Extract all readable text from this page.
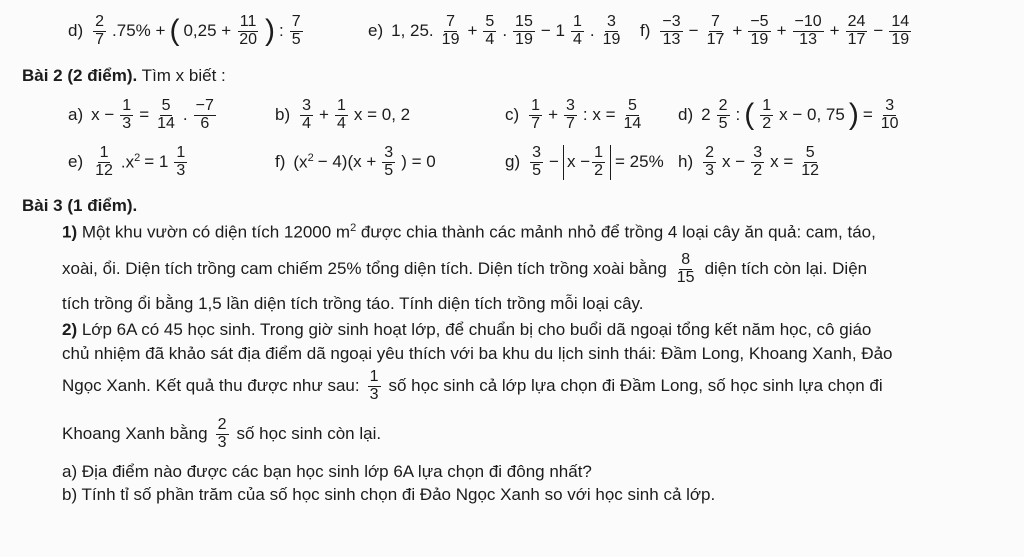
$d) \frac{2}{7} .75\%$ + ( $0,25 + \frac{11}{20}$ ) : $\frac{7}{5}$	e) 1, 25. $\frac{7}{19} + \frac{5}{4}$ . $\frac{15}{19} - 1 \frac{1}{4}$ . $\frac{3}{19} f) \frac{-3}{13} - \frac{7}{17} + \frac{-5}{19} + \frac{-10}{13} + \frac{24}{17} - \frac{14}{19}$
Bài 2 (2 điểm). Tìm x biết :
a) $x - \frac{1}{3} = \frac{5}{14}$ . $\frac{-7}{6}$	$b) \frac{3}{4} + \frac{1}{4}$ x = 0, 2	$c) \frac{1}{7} + \frac{3}{7}$ : $x = \frac{5}{14} d$) $2 \frac{2}{5}$ : ( $\frac{1}{2}$ x − 0, 75 ) = $\frac{3}{10}$
$e) \frac{1}{12} .x^2 = 1 \frac{1}{3}$	f) $(x^2 - 4)(x + \frac{3}{5}$ ) = 0	$g) \frac{3}{5} - x - \frac{1}{2} = 25\%$ $h) \frac{2}{3}$ $x - \frac{3}{2}$ $x = \frac{5}{12}$
Bài 3 (1 điểm).
1) Một khu vườn có diện tích 12000 $m^2$ được chia thành các mảnh nhỏ để trồng 4 loại cây ăn quả: cam, táo,
xoài, ổi. Diện tích trồng cam chiếm 25% tổng diện tích. Diện tích trồng xoài bằng $\frac{8}{15}$ diện tích còn lại. Diện
tích trồng ổi bằng 1,5 lần diện tích trồng táo. Tính diện tích trồng mỗi loại cây.
2) Lớp 6A có 45 học sinh. Trong giờ sinh hoạt lớp, để chuẩn bị cho buổi dã ngoại tổng kết năm học, cô giáo
chủ nhiệm đã khảo sát địa điểm dã ngoại yêu thích với ba khu du lịch sinh thái: Đầm Long, Khoang Xanh, Đảo
Ngọc Xanh. Kết quả thu được như sau: $\frac{1}{3}$ số học sinh cả lớp lựa chọn đi Đầm Long, số học sinh lựa chọn đi
Khoang Xanh bằng $\frac{2}{3}$ số học sinh còn lại.
a) Địa điểm nào được các bạn học sinh lớp 6A lựa chọn đi đông nhất?
b) Tính tỉ số phần trăm của số học sinh chọn đi Đảo Ngọc Xanh so với học sinh cả lớp.
